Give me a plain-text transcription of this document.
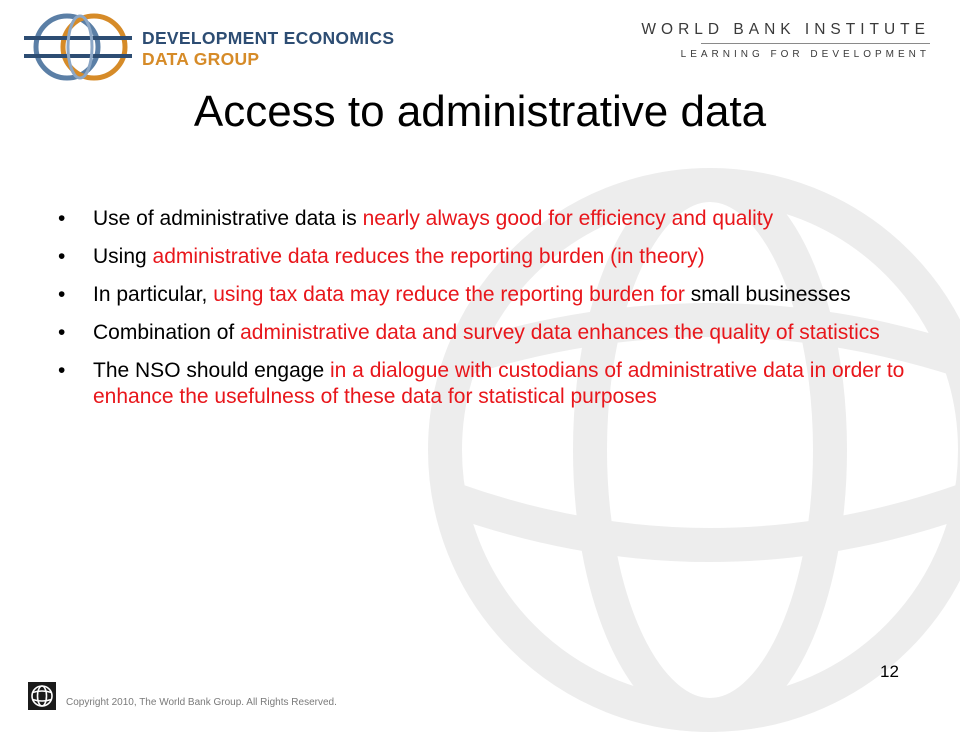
DEVELOPMENT ECONOMICS
DATA GROUP
WORLD BANK INSTITUTE
LEARNING FOR DEVELOPMENT
Access to administrative data
• Use of administrative data is nearly always good for efficiency and quality
• Using administrative data reduces the reporting burden (in theory)
• In particular, using tax data may reduce the reporting burden for small businesses
• Combination of administrative data and survey data enhances the quality of statistics
• The NSO should engage in a dialogue with custodians of administrative data in order to enhance the usefulness of these data for statistical purposes
12
Copyright 2010, The World Bank Group. All Rights Reserved.
